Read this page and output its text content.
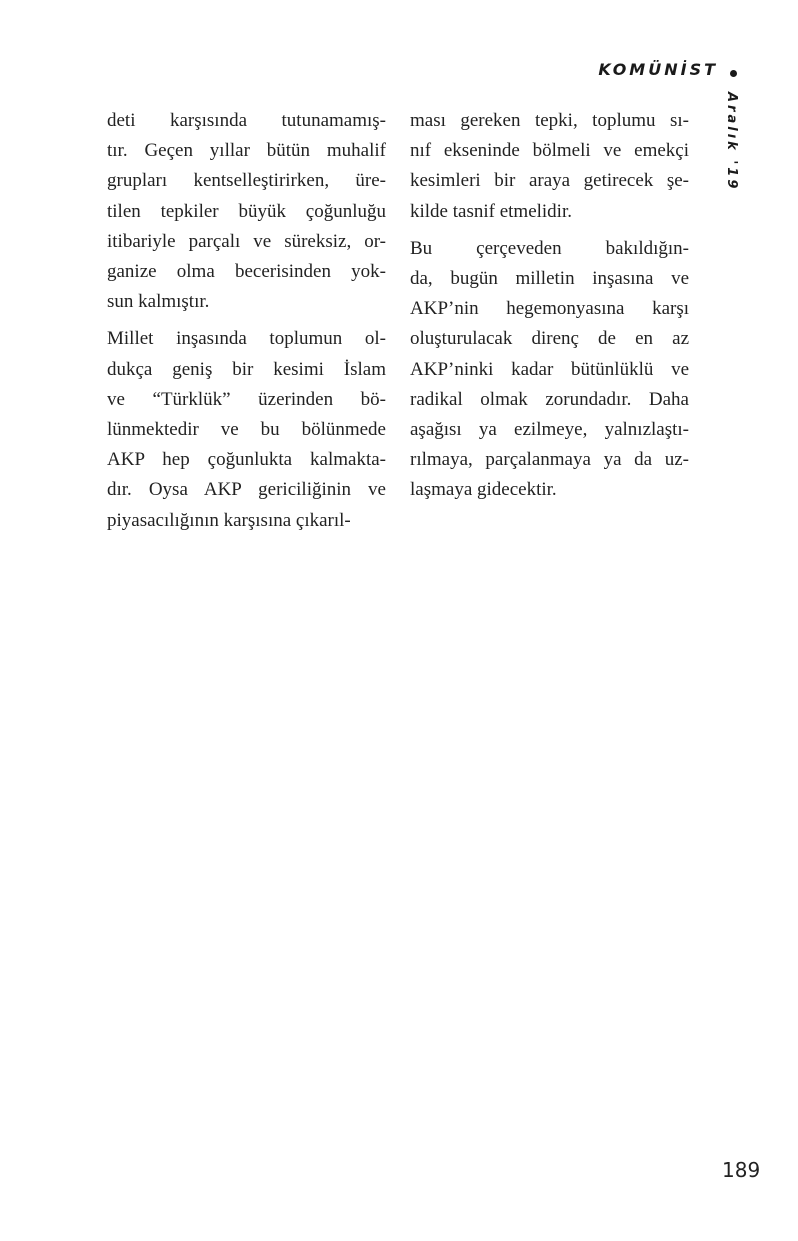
KOMÜNİST
Aralık '19
deti karşısında tutunamamış-
tır. Geçen yıllar bütün muhalif
grupları kentselleştirirken, üre-
tilen tepkiler büyük çoğunluğu
itibariyle parçalı ve süreksiz, or-
ganize olma becerisinden yok-
sun kalmıştır.
Millet inşasında toplumun ol-
dukça geniş bir kesimi İslam
ve “Türklük” üzerinden bö-
lünmektedir ve bu bölünmede
AKP hep çoğunlukta kalmakta-
dır. Oysa AKP gericiliğinin ve
piyasacılığının karşısına çıkarıl-
ması gereken tepki, toplumu sı-
nıf ekseninde bölmeli ve emekçi
kesimleri bir araya getirecek şe-
kilde tasnif etmelidir.
Bu çerçeveden bakıldığın-
da, bugün milletin inşasına ve
AKP’nin hegemonyasına karşı
oluşturulacak direnç de en az
AKP’ninki kadar bütünlüklü ve
radikal olmak zorundadır. Daha
aşağısı ya ezilmeye, yalnızlaştı-
rılmaya, parçalanmaya ya da uz-
laşmaya gidecektir.
189
